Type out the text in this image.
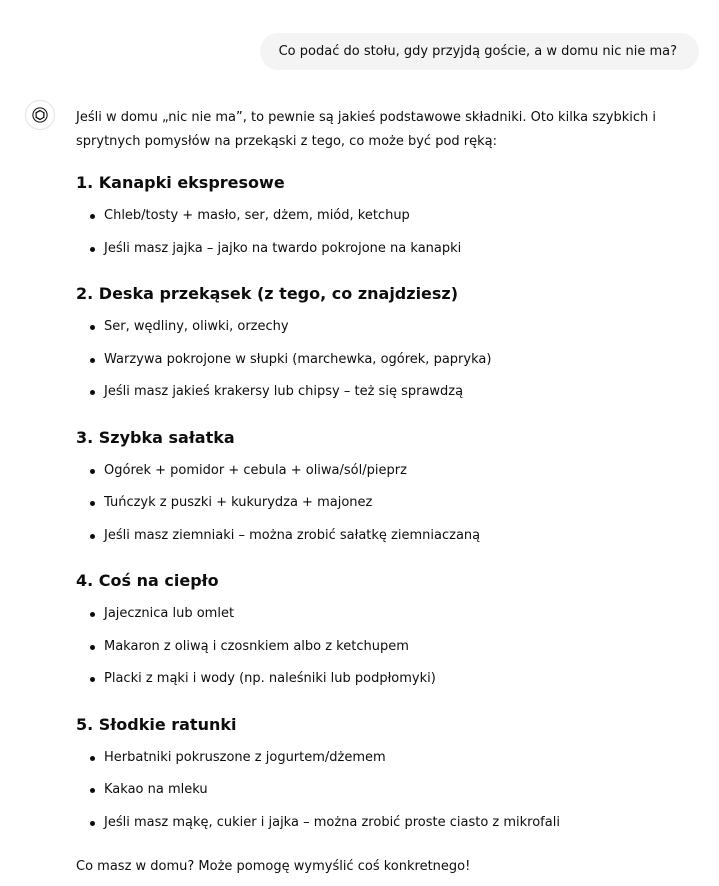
Co podać do stołu, gdy przyjdą goście, a w domu nic nie ma?

Jeśli w domu „nic nie ma”, to pewnie są jakieś podstawowe składniki. Oto kilka szybkich i sprytnych pomysłów na przekąski z tego, co może być pod ręką:

1. Kanapki ekspresowe
Chleb/tosty + masło, ser, dżem, miód, ketchup
Jeśli masz jajka – jajko na twardo pokrojone na kanapki
2. Deska przekąsek (z tego, co znajdziesz)
Ser, wędliny, oliwki, orzechy
Warzywa pokrojone w słupki (marchewka, ogórek, papryka)
Jeśli masz jakieś krakersy lub chipsy – też się sprawdzą
3. Szybka sałatka
Ogórek + pomidor + cebula + oliwa/sól/pieprz
Tuńczyk z puszki + kukurydza + majonez
Jeśli masz ziemniaki – można zrobić sałatkę ziemniaczaną
4. Coś na ciepło
Jajecznica lub omlet
Makaron z oliwą i czosnkiem albo z ketchupem
Placki z mąki i wody (np. naleśniki lub podpłomyki)
5. Słodkie ratunki
Herbatniki pokruszone z jogurtem/dżemem
Kakao na mleku
Jeśli masz mąkę, cukier i jajka – można zrobić proste ciasto z mikrofali

Co masz w domu? Może pomogę wymyślić coś konkretnego!
